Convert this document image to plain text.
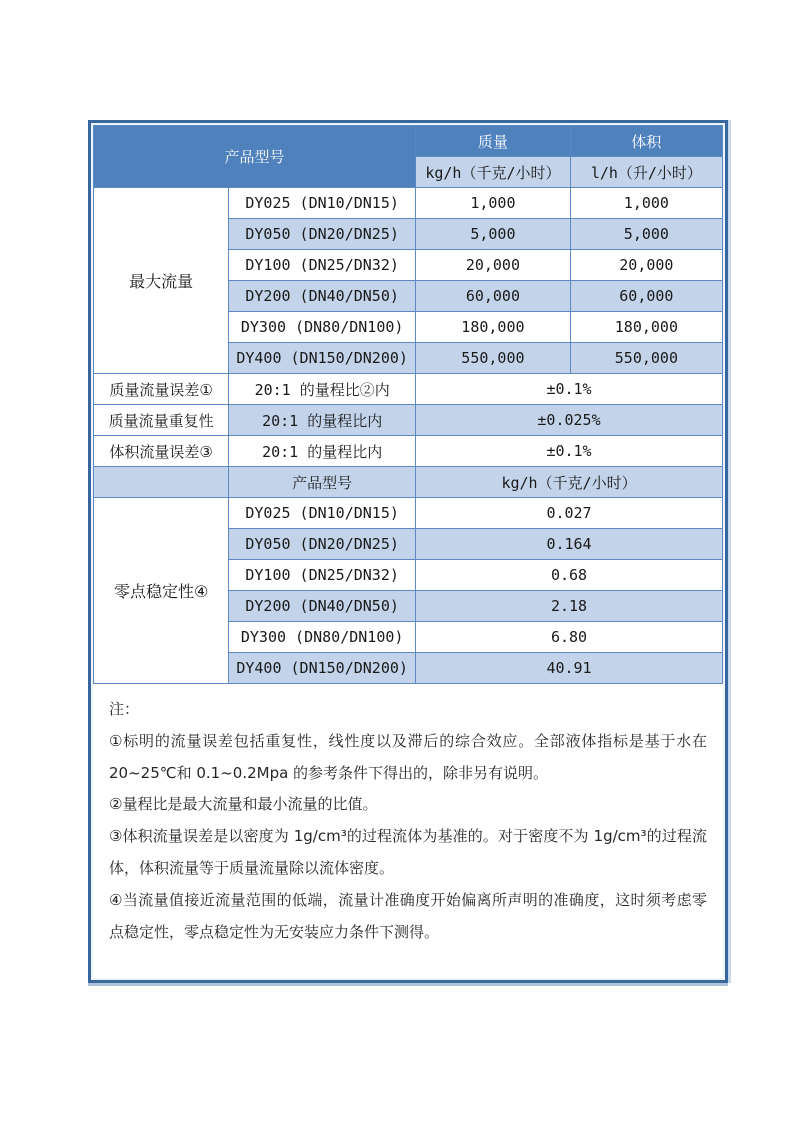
产品型号		质量	体积
		kg/h（千克/小时）	l/h（升/小时）
最大流量	DY025 (DN10/DN15)	1,000	1,000
	DY050 (DN20/DN25)	5,000	5,000
	DY100 (DN25/DN32)	20,000	20,000
	DY200 (DN40/DN50)	60,000	60,000
	DY300 (DN80/DN100)	180,000	180,000
	DY400 (DN150/DN200)	550,000	550,000
质量流量误差①	20:1 的量程比②内	±0.1%	
质量流量重复性	20:1 的量程比内	±0.025%	
体积流量误差③	20:1 的量程比内	±0.1%	
	产品型号	kg/h（千克/小时）	
零点稳定性④	DY025 (DN10/DN15)	0.027	
	DY050 (DN20/DN25)	0.164	
	DY100 (DN25/DN32)	0.68	
	DY200 (DN40/DN50)	2.18	
	DY300 (DN80/DN100)	6.80	
	DY400 (DN150/DN200)	40.91	

注：

①标明的流量误差包括重复性，线性度以及滞后的综合效应。全部液体指标是基于水在 20~25℃和 0.1~0.2Mpa 的参考条件下得出的，除非另有说明。

②量程比是最大流量和最小流量的比值。

③体积流量误差是以密度为 1g/cm³的过程流体为基准的。对于密度不为 1g/cm³的过程流体，体积流量等于质量流量除以流体密度。

④当流量值接近流量范围的低端，流量计准确度开始偏离所声明的准确度，这时须考虑零点稳定性，零点稳定性为无安装应力条件下测得。
